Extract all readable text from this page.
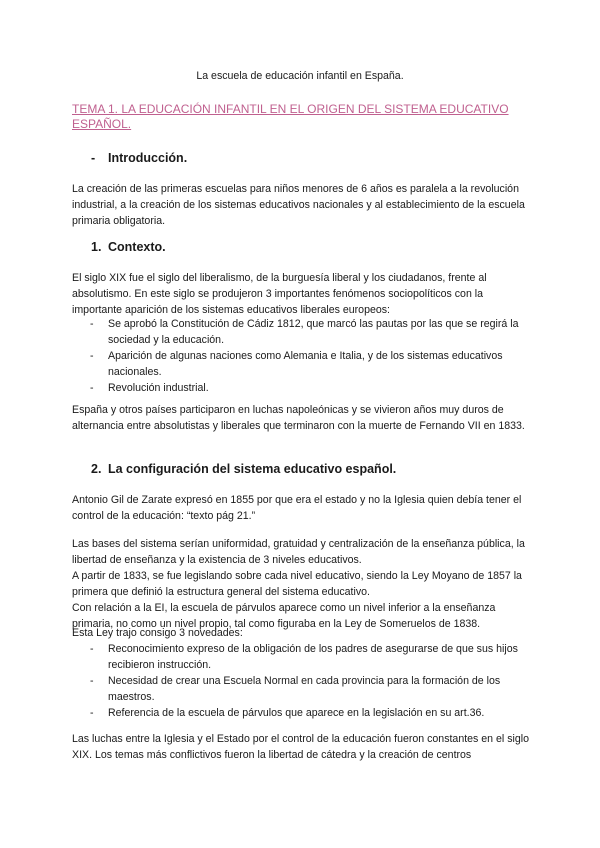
La escuela de educación infantil en España.

TEMA 1. LA EDUCACIÓN INFANTIL EN EL ORIGEN DEL SISTEMA EDUCATIVO ESPAÑOL.

- Introducción.

La creación de las primeras escuelas para niños menores de 6 años es paralela a la revolución industrial, a la creación de los sistemas educativos nacionales y al establecimiento de la escuela primaria obligatoria.

1. Contexto.

El siglo XIX fue el siglo del liberalismo, de la burguesía liberal y los ciudadanos, frente al absolutismo. En este siglo se produjeron 3 importantes fenómenos sociopolíticos con la importante aparición de los sistemas educativos liberales europeos:

- Se aprobó la Constitución de Cádiz 1812, que marcó las pautas por las que se regirá la sociedad y la educación.
- Aparición de algunas naciones como Alemania e Italia, y de los sistemas educativos nacionales.
- Revolución industrial.

España y otros países participaron en luchas napoleónicas y se vivieron años muy duros de alternancia entre absolutistas y liberales que terminaron con la muerte de Fernando VII en 1833.

2. La configuración del sistema educativo español.

Antonio Gil de Zarate expresó en 1855 por que era el estado y no la Iglesia quien debía tener el control de la educación: “texto pág 21.”

Las bases del sistema serían uniformidad, gratuidad y centralización de la enseñanza pública, la libertad de enseñanza y la existencia de 3 niveles educativos.

A partir de 1833, se fue legislando sobre cada nivel educativo, siendo la Ley Moyano de 1857 la primera que definió la estructura general del sistema educativo.

Con relación a la EI, la escuela de párvulos aparece como un nivel inferior a la enseñanza primaria, no como un nivel propio, tal como figuraba en la Ley de Someruelos de 1838.

Esta Ley trajo consigo 3 novedades:

- Reconocimiento expreso de la obligación de los padres de asegurarse de que sus hijos recibieron instrucción.
- Necesidad de crear una Escuela Normal en cada provincia para la formación de los maestros.
- Referencia de la escuela de párvulos que aparece en la legislación en su art.36.

Las luchas entre la Iglesia y el Estado por el control de la educación fueron constantes en el siglo XIX. Los temas más conflictivos fueron la libertad de cátedra y la creación de centros
